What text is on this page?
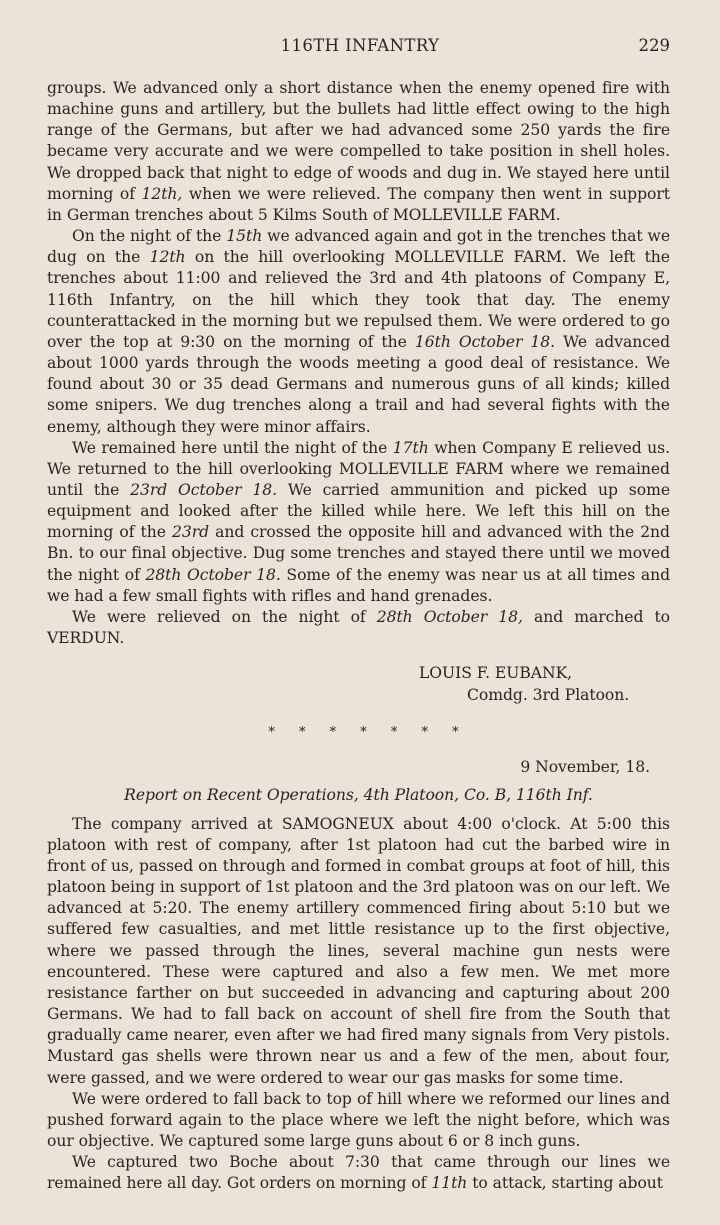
116TH INFANTRY	229

groups. We advanced only a short distance when the enemy opened fire with machine guns and artillery, but the bullets had little effect owing to the high range of the Germans, but after we had advanced some 250 yards the fire became very accurate and we were compelled to take position in shell holes. We dropped back that night to edge of woods and dug in. We stayed here until morning of 12th, when we were relieved. The company then went in support in German trenches about 5 Kilms South of MOLLEVILLE FARM.

On the night of the 15th we advanced again and got in the trenches that we dug on the 12th on the hill overlooking MOLLEVILLE FARM. We left the trenches about 11:00 and relieved the 3rd and 4th platoons of Company E, 116th Infantry, on the hill which they took that day. The enemy counterattacked in the morning but we repulsed them. We were ordered to go over the top at 9:30 on the morning of the 16th October 18. We advanced about 1000 yards through the woods meeting a good deal of resistance. We found about 30 or 35 dead Germans and numerous guns of all kinds; killed some snipers. We dug trenches along a trail and had several fights with the enemy, although they were minor affairs.

We remained here until the night of the 17th when Company E relieved us. We returned to the hill overlooking MOLLEVILLE FARM where we remained until the 23rd October 18. We carried ammunition and picked up some equipment and looked after the killed while here. We left this hill on the morning of the 23rd and crossed the opposite hill and advanced with the 2nd Bn. to our final objective. Dug some trenches and stayed there until we moved the night of 28th October 18. Some of the enemy was near us at all times and we had a few small fights with rifles and hand grenades.

We were relieved on the night of 28th October 18, and marched to VERDUN.

LOUIS F. EUBANK,
Comdg. 3rd Platoon.
* * * * * * *
9 November, 18.
Report on Recent Operations, 4th Platoon, Co. B, 116th Inf.

The company arrived at SAMOGNEUX about 4:00 o'clock. At 5:00 this platoon with rest of company, after 1st platoon had cut the barbed wire in front of us, passed on through and formed in combat groups at foot of hill, this platoon being in support of 1st platoon and the 3rd platoon was on our left. We advanced at 5:20. The enemy artillery commenced firing about 5:10 but we suffered few casualties, and met little resistance up to the first objective, where we passed through the lines, several machine gun nests were encountered. These were captured and also a few men. We met more resistance farther on but succeeded in advancing and capturing about 200 Germans. We had to fall back on account of shell fire from the South that gradually came nearer, even after we had fired many signals from Very pistols. Mustard gas shells were thrown near us and a few of the men, about four, were gassed, and we were ordered to wear our gas masks for some time.

We were ordered to fall back to top of hill where we reformed our lines and pushed forward again to the place where we left the night before, which was our objective. We captured some large guns about 6 or 8 inch guns.

We captured two Boche about 7:30 that came through our lines we remained here all day. Got orders on morning of 11th to attack, starting about
